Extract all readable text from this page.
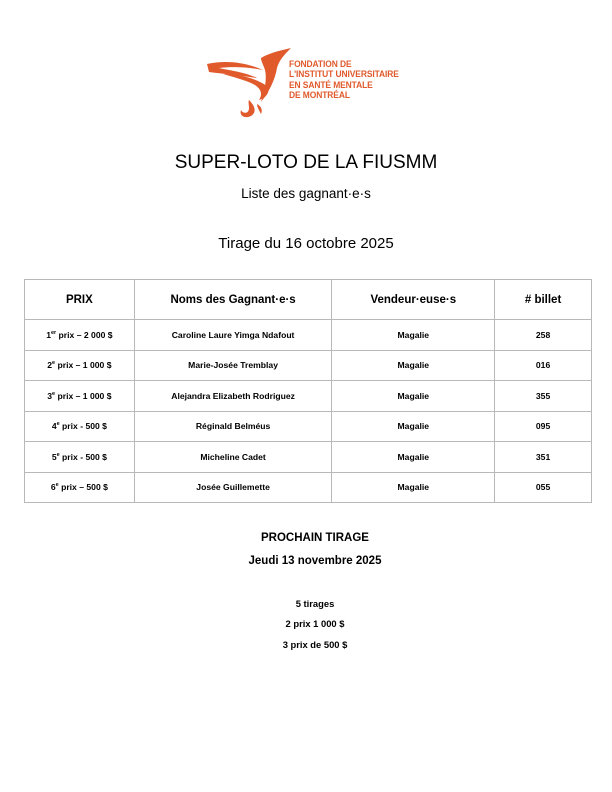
FONDATION DE
L'INSTITUT UNIVERSITAIRE
EN SANTÉ MENTALE
DE MONTRÉAL
SUPER-LOTO DE LA FIUSMM
Liste des gagnant·e·s
Tirage du 16 octobre 2025
PRIX	Noms des Gagnant·e·s	Vendeur·euse·s	# billet
1er prix – 2 000 $	Caroline Laure Yimga Ndafout	Magalie	258
2e prix – 1 000 $	Marie-Josée Tremblay	Magalie	016
3e prix – 1 000 $	Alejandra Elizabeth Rodriguez	Magalie	355
4e prix - 500 $	Réginald Belméus	Magalie	095
5e prix - 500 $	Micheline Cadet	Magalie	351
6e prix – 500 $	Josée Guillemette	Magalie	055
PROCHAIN TIRAGE
Jeudi 13 novembre 2025
5 tirages
2 prix 1 000 $
3 prix de 500 $
